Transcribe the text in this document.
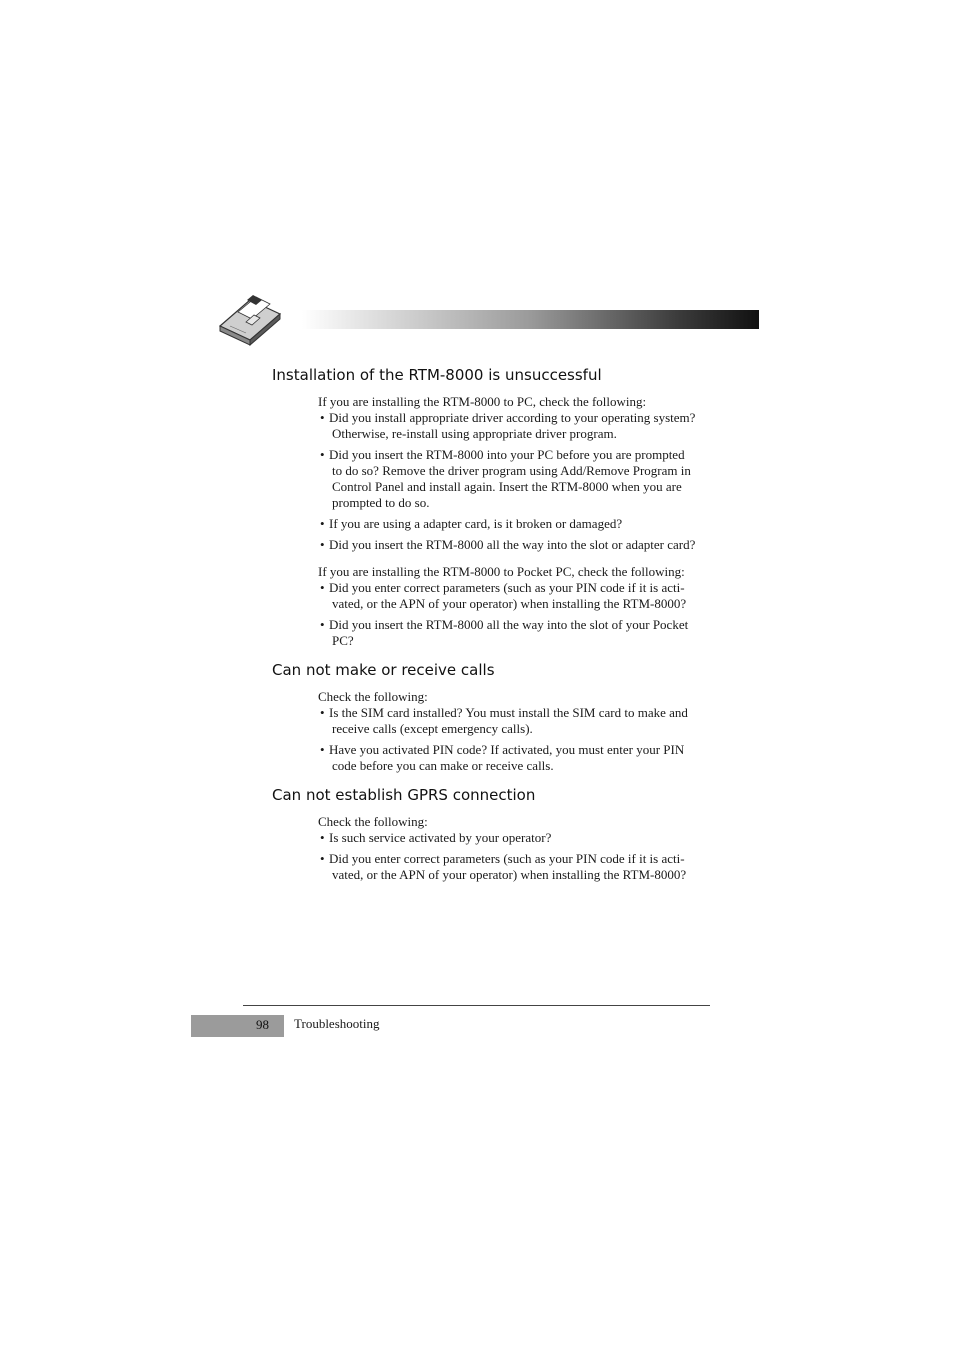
Installation of the RTM-8000 is unsuccessful

If you are installing the RTM-8000 to PC, check the following:

• Did you install appropriate driver according to your operating system?
Otherwise, re-install using appropriate driver program.
• Did you insert the RTM-8000 into your PC before you are prompted
to do so? Remove the driver program using Add/Remove Program in
Control Panel and install again. Insert the RTM-8000 when you are
prompted to do so.
• If you are using a adapter card, is it broken or damaged?
• Did you insert the RTM-8000 all the way into the slot or adapter card?

If you are installing the RTM-8000 to Pocket PC, check the following:

• Did you enter correct parameters (such as your PIN code if it is acti-
vated, or the APN of your operator) when installing the RTM-8000?
• Did you insert the RTM-8000 all the way into the slot of your Pocket
PC?
Can not make or receive calls

Check the following:

• Is the SIM card installed? You must install the SIM card to make and
receive calls (except emergency calls).
• Have you activated PIN code? If activated, you must enter your PIN
code before you can make or receive calls.
Can not establish GPRS connection

Check the following:

• Is such service activated by your operator?
• Did you enter correct parameters (such as your PIN code if it is acti-
vated, or the APN of your operator) when installing the RTM-8000?
98 Troubleshooting
